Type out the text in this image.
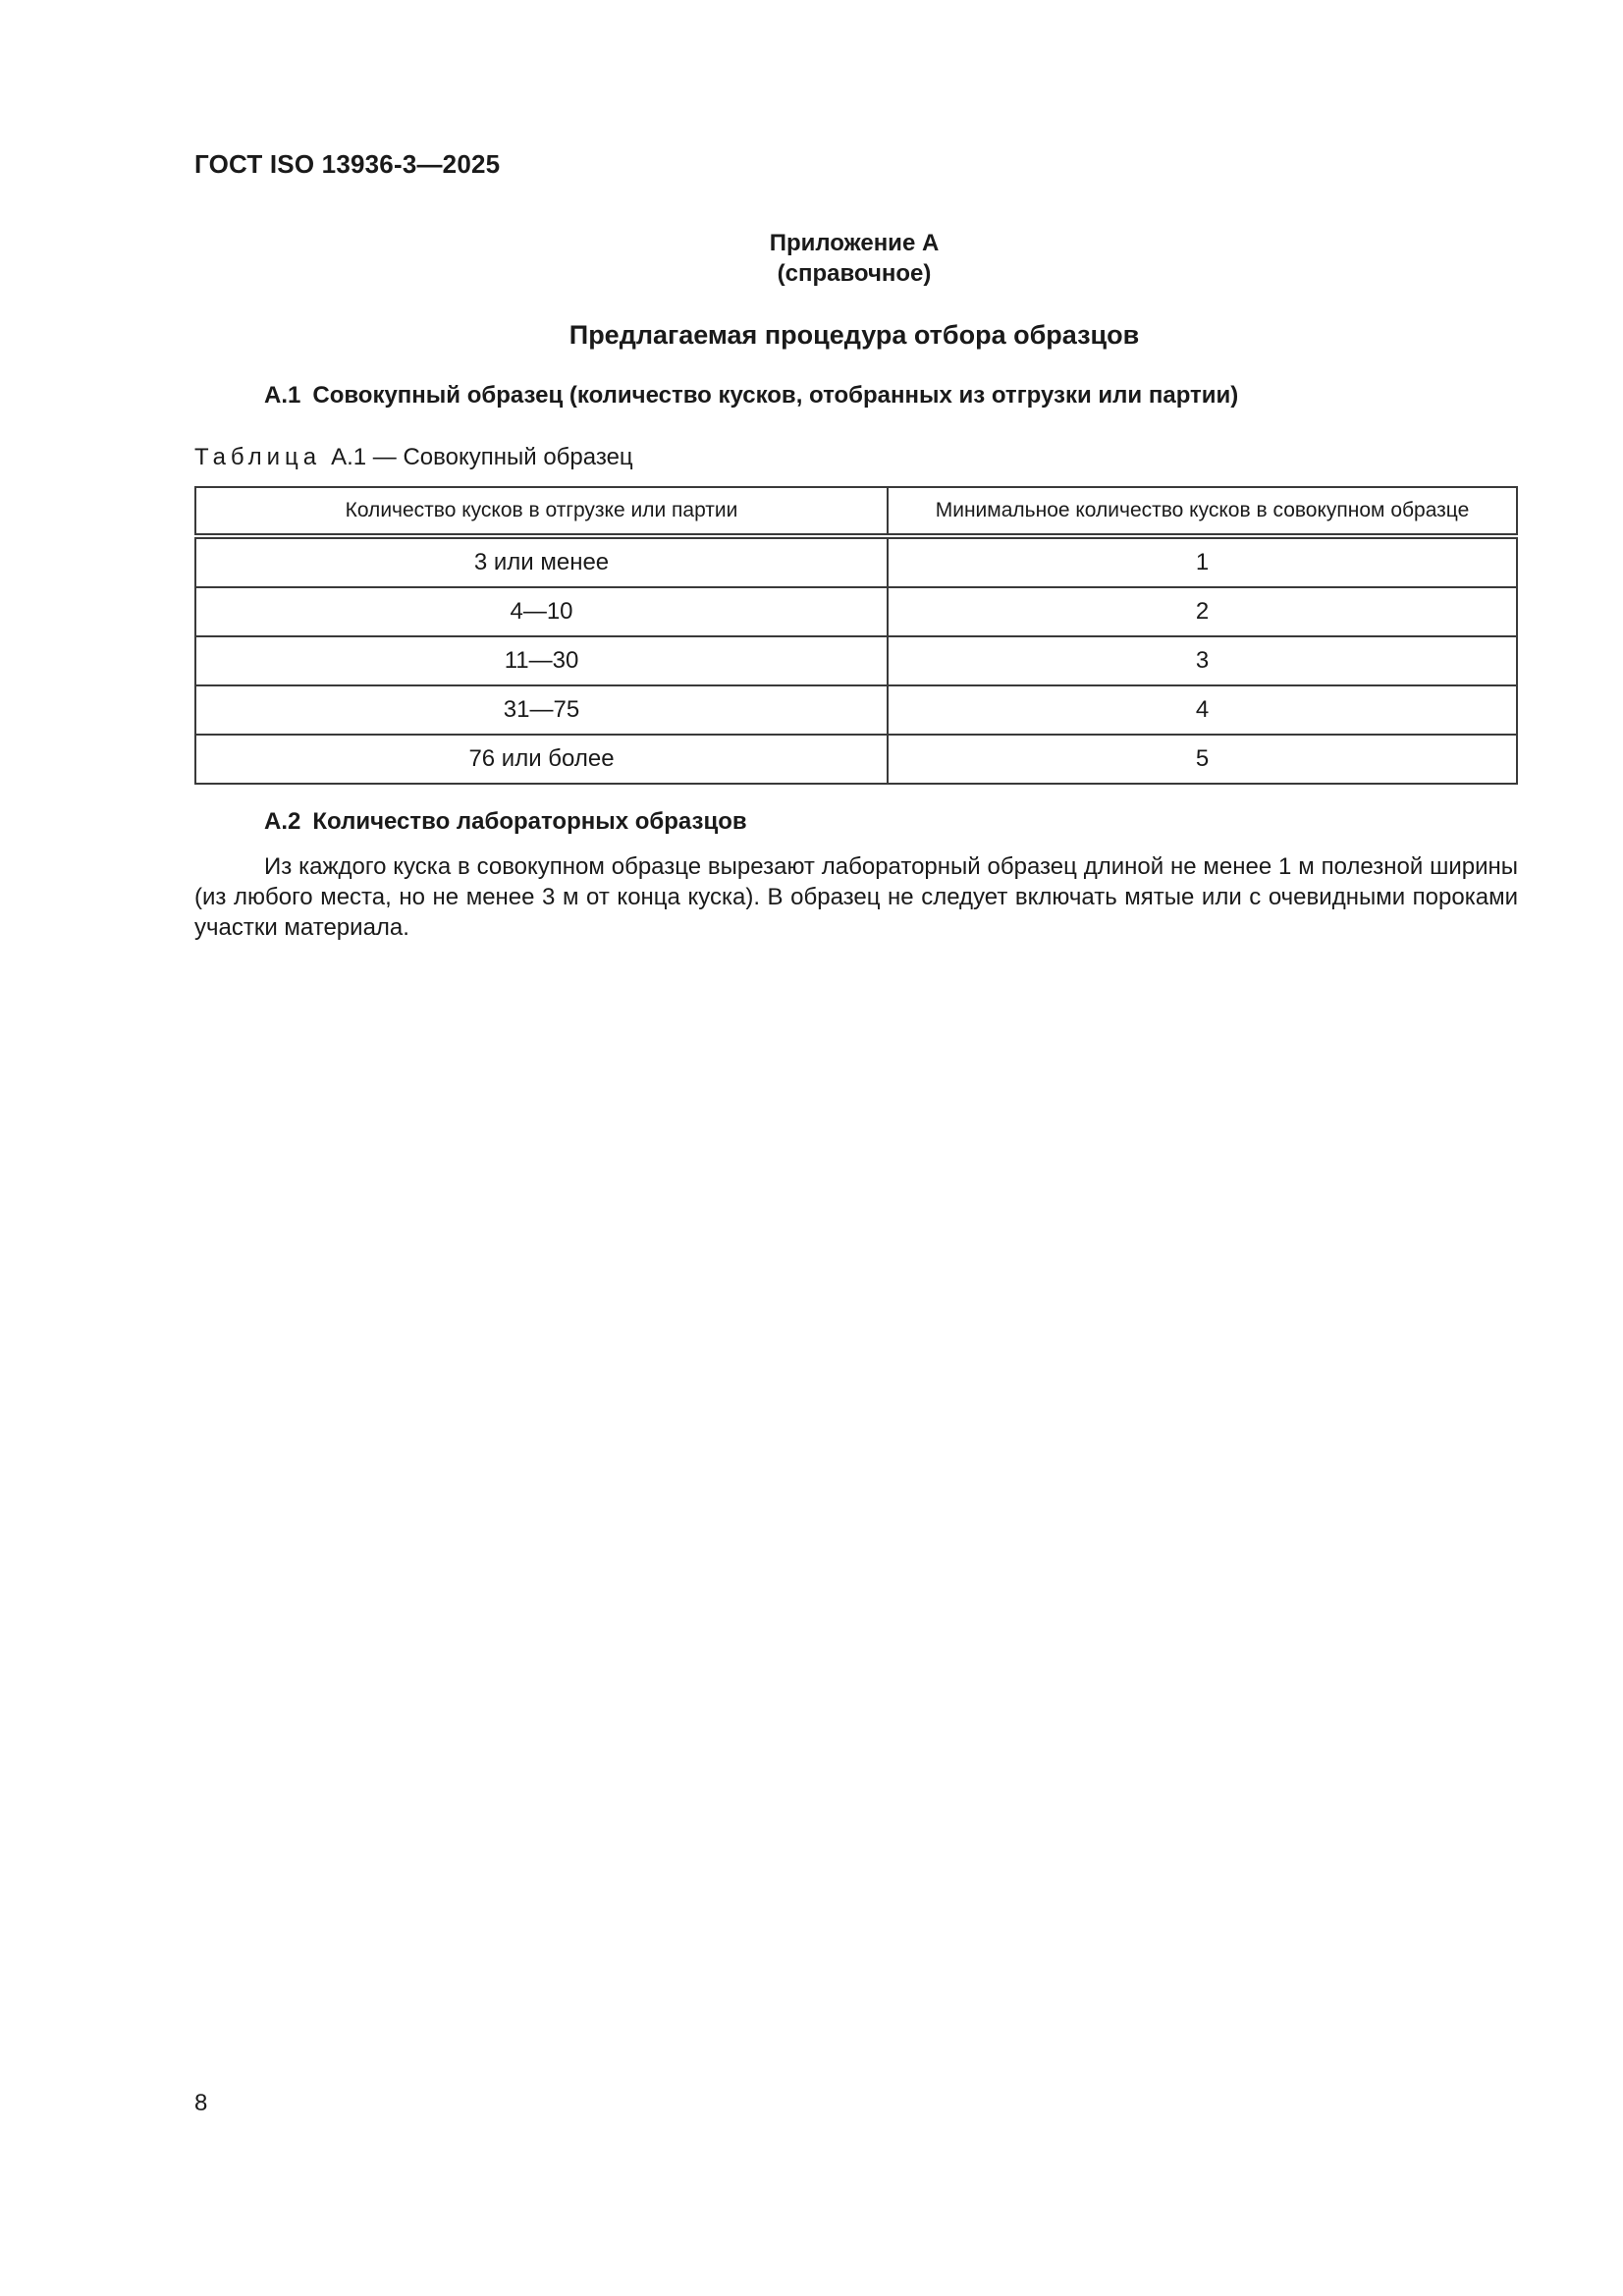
ГОСТ ISO 13936-3—2025
Приложение А
(справочное)
Предлагаемая процедура отбора образцов
А.1 Совокупный образец (количество кусков, отобранных из отгрузки или партии)
Таблица А.1 — Совокупный образец
Количество кусков в отгрузке или партии	Минимальное количество кусков в совокупном образце
3 или менее	1
4—10	2
11—30	3
31—75	4
76 или более	5
А.2 Количество лабораторных образцов
Из каждого куска в совокупном образце вырезают лабораторный образец длиной не менее 1 м полезной ширины (из любого места, но не менее 3 м от конца куска). В образец не следует включать мятые или с очевидными пороками участки материала.
8
